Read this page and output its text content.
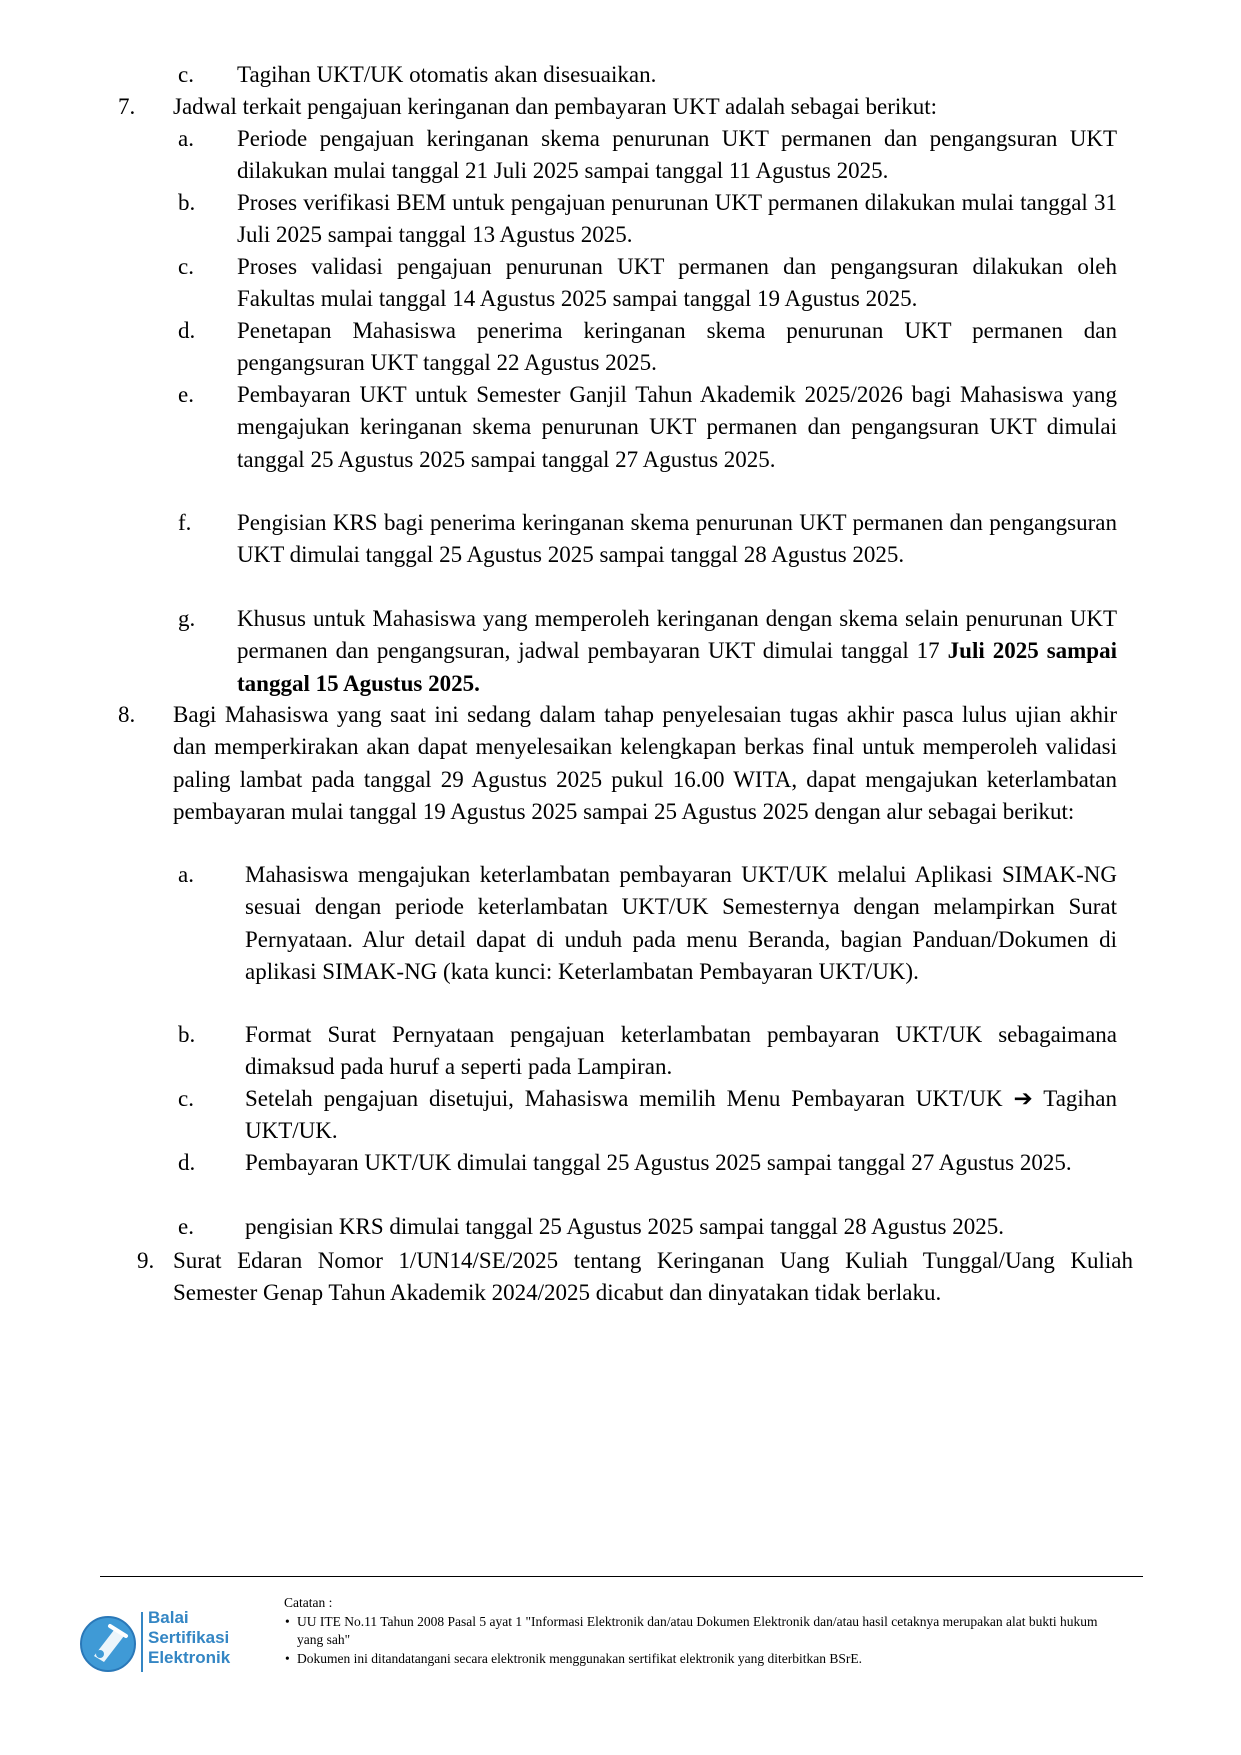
c. Tagihan UKT/UK otomatis akan disesuaikan.
7. Jadwal terkait pengajuan keringanan dan pembayaran UKT adalah sebagai berikut:
a. Periode pengajuan keringanan skema penurunan UKT permanen dan pengangsuran UKT dilakukan mulai tanggal 21 Juli 2025 sampai tanggal 11 Agustus 2025.
b. Proses verifikasi BEM untuk pengajuan penurunan UKT permanen dilakukan mulai tanggal 31 Juli 2025 sampai tanggal 13 Agustus 2025.
c. Proses validasi pengajuan penurunan UKT permanen dan pengangsuran dilakukan oleh Fakultas mulai tanggal 14 Agustus 2025 sampai tanggal 19 Agustus 2025.
d. Penetapan Mahasiswa penerima keringanan skema penurunan UKT permanen dan pengangsuran UKT tanggal 22 Agustus 2025.
e. Pembayaran UKT untuk Semester Ganjil Tahun Akademik 2025/2026 bagi Mahasiswa yang mengajukan keringanan skema penurunan UKT permanen dan pengangsuran UKT dimulai tanggal 25 Agustus 2025 sampai tanggal 27 Agustus 2025.
f. Pengisian KRS bagi penerima keringanan skema penurunan UKT permanen dan pengangsuran UKT dimulai tanggal 25 Agustus 2025 sampai tanggal 28 Agustus 2025.
g. Khusus untuk Mahasiswa yang memperoleh keringanan dengan skema selain penurunan UKT permanen dan pengangsuran, jadwal pembayaran UKT dimulai tanggal 17 Juli 2025 sampai tanggal 15 Agustus 2025.
8. Bagi Mahasiswa yang saat ini sedang dalam tahap penyelesaian tugas akhir pasca lulus ujian akhir dan memperkirakan akan dapat menyelesaikan kelengkapan berkas final untuk memperoleh validasi paling lambat pada tanggal 29 Agustus 2025 pukul 16.00 WITA, dapat mengajukan keterlambatan pembayaran mulai tanggal 19 Agustus 2025 sampai 25 Agustus 2025 dengan alur sebagai berikut:
a. Mahasiswa mengajukan keterlambatan pembayaran UKT/UK melalui Aplikasi SIMAK-NG sesuai dengan periode keterlambatan UKT/UK Semesternya dengan melampirkan Surat Pernyataan. Alur detail dapat di unduh pada menu Beranda, bagian Panduan/Dokumen di aplikasi SIMAK-NG (kata kunci: Keterlambatan Pembayaran UKT/UK).
b. Format Surat Pernyataan pengajuan keterlambatan pembayaran UKT/UK sebagaimana dimaksud pada huruf a seperti pada Lampiran.
c. Setelah pengajuan disetujui, Mahasiswa memilih Menu Pembayaran UKT/UK ➔ Tagihan UKT/UK.
d. Pembayaran UKT/UK dimulai tanggal 25 Agustus 2025 sampai tanggal 27 Agustus 2025.
e. pengisian KRS dimulai tanggal 25 Agustus 2025 sampai tanggal 28 Agustus 2025.
9. Surat Edaran Nomor 1/UN14/SE/2025 tentang Keringanan Uang Kuliah Tunggal/Uang Kuliah Semester Genap Tahun Akademik 2024/2025 dicabut dan dinyatakan tidak berlaku.
Balai
Sertifikasi
Elektronik
Catatan :
• UU ITE No.11 Tahun 2008 Pasal 5 ayat 1 "Informasi Elektronik dan/atau Dokumen Elektronik dan/atau hasil cetaknya merupakan alat bukti hukum yang sah"
• Dokumen ini ditandatangani secara elektronik menggunakan sertifikat elektronik yang diterbitkan BSrE.
